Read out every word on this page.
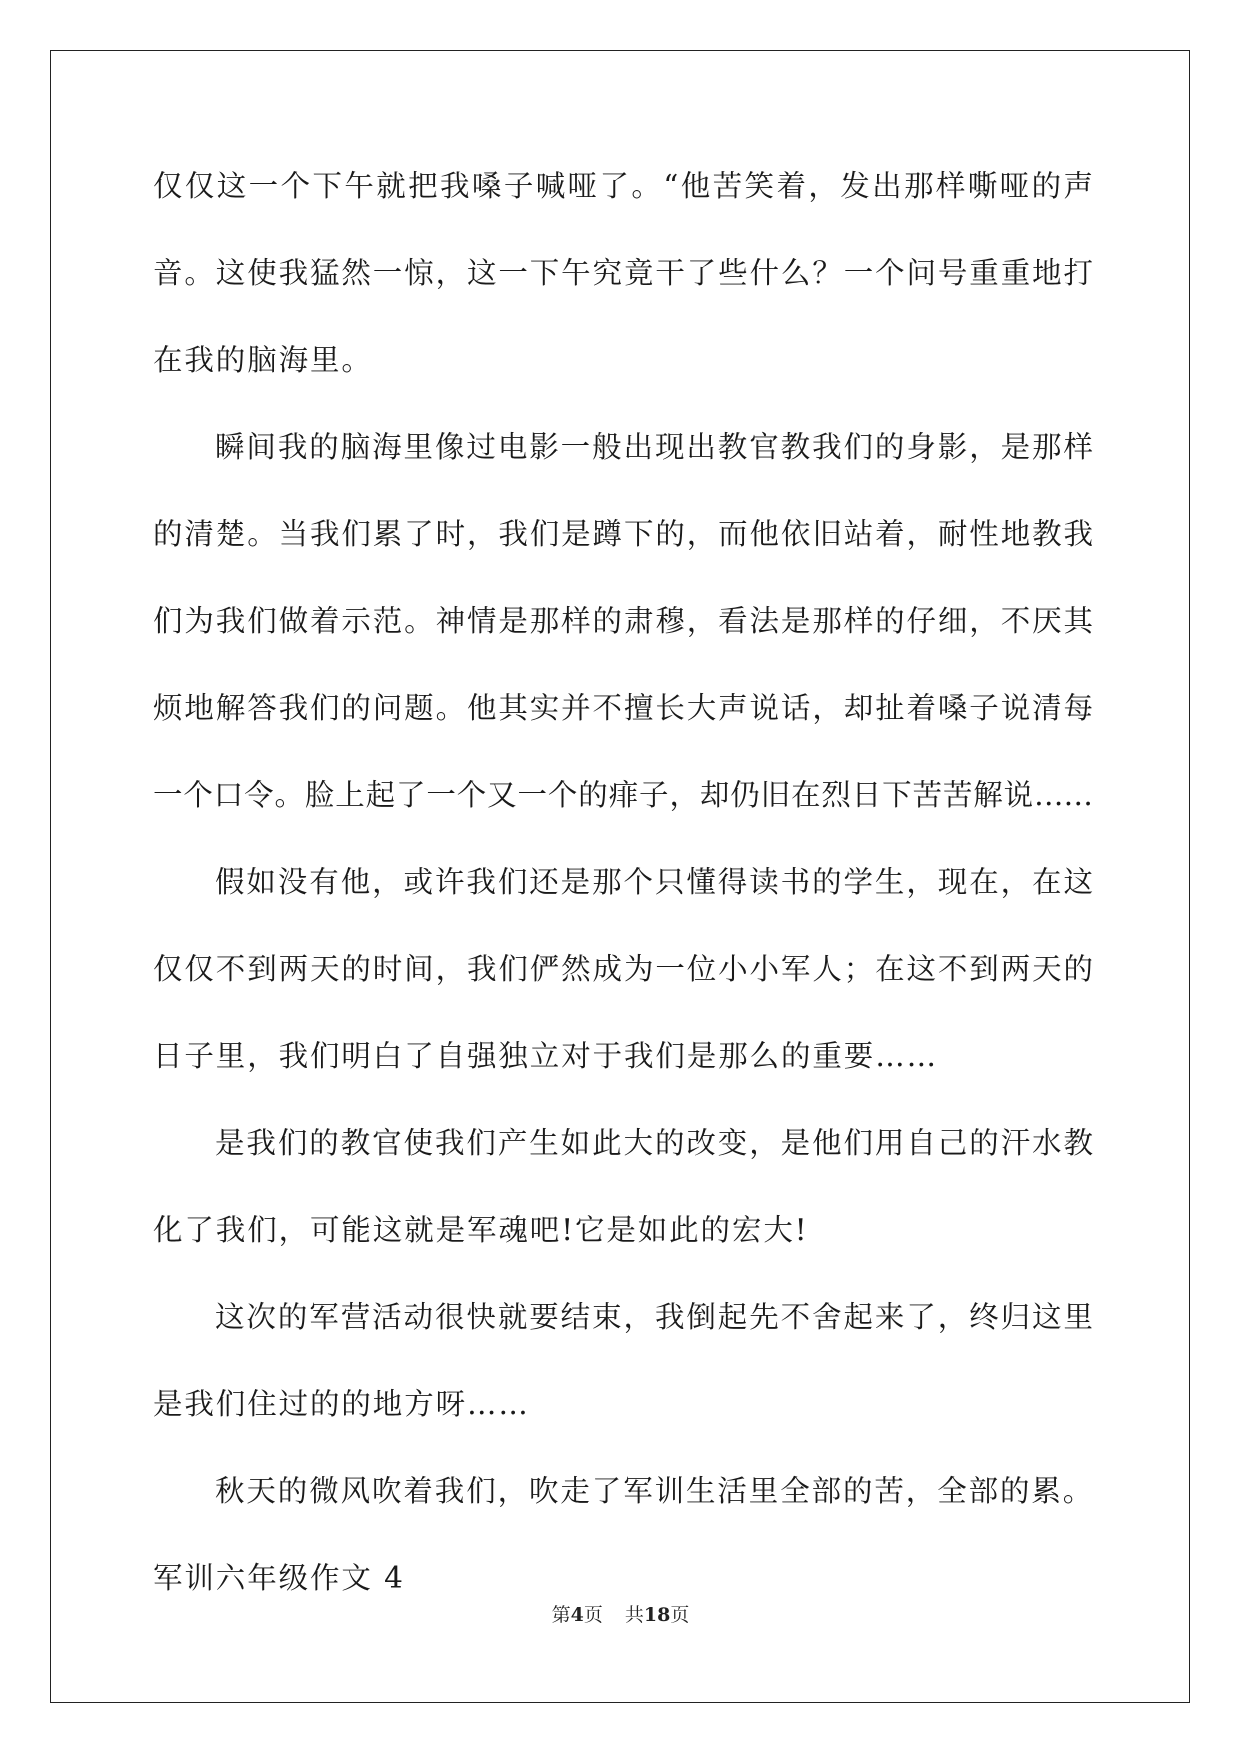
仅仅这一个下午就把我嗓子喊哑了。“他苦笑着，发出那样嘶哑的声
音。这使我猛然一惊，这一下午究竟干了些什么？一个问号重重地打
在我的脑海里。
瞬间我的脑海里像过电影一般出现出教官教我们的身影，是那样
的清楚。当我们累了时，我们是蹲下的，而他依旧站着，耐性地教我
们为我们做着示范。神情是那样的肃穆，看法是那样的仔细，不厌其
烦地解答我们的问题。他其实并不擅长大声说话，却扯着嗓子说清每
一个口令。脸上起了一个又一个的痱子，却仍旧在烈日下苦苦解说……
假如没有他，或许我们还是那个只懂得读书的学生，现在，在这
仅仅不到两天的时间，我们俨然成为一位小小军人；在这不到两天的
日子里，我们明白了自强独立对于我们是那么的重要……
是我们的教官使我们产生如此大的改变，是他们用自己的汗水教
化了我们，可能这就是军魂吧!它是如此的宏大!
这次的军营活动很快就要结束，我倒起先不舍起来了，终归这里
是我们住过的的地方呀……
秋天的微风吹着我们，吹走了军训生活里全部的苦，全部的累。
军训六年级作文 4
第4页 共18页
